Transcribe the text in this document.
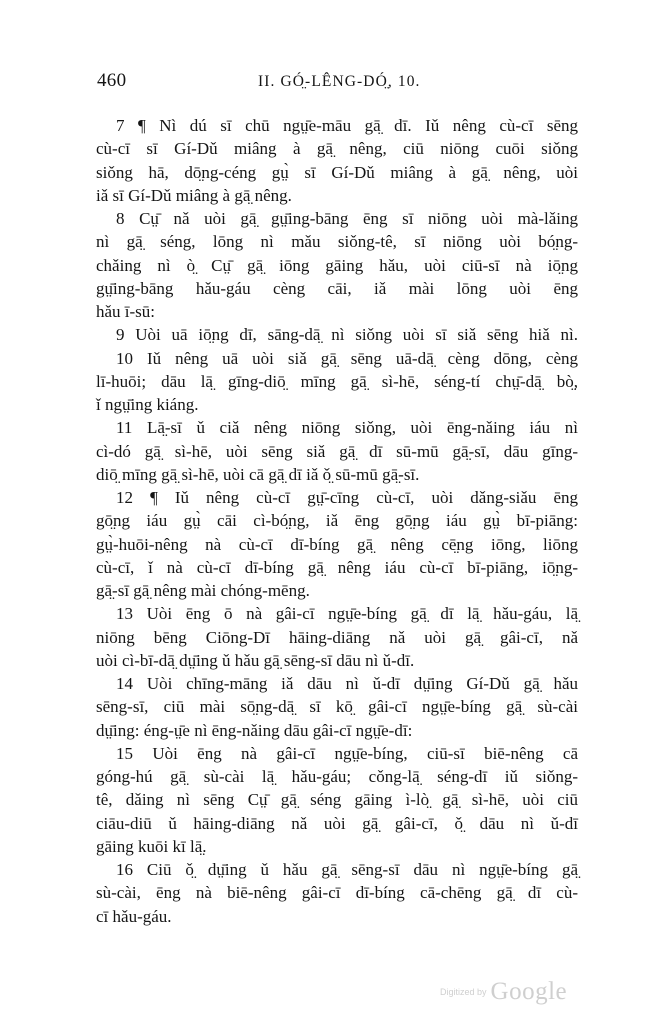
460	II. GÓ̤-LÊNG-DÓ̤, 10.
7 ¶ Nì dú sī chū ngṳ̄e-māu gā̤ dī. Iǔ nêng cù-cī sēng
cù-cī sī Gí-Dǔ miâng à gā̤ nêng, ciū niōng cuōi siǒng
siǒng hā, dō̤ng-céng gṳ̀ sī Gí-Dǔ miâng à gā̤ nêng, uòi
iǎ sī Gí-Dǔ miâng à gā̤ nêng.
8 Cṳ̄ nǎ uòi gā̤ gṳ̄ing-bāng ēng sī niōng uòi mà-lǎing
nì gā̤ séng, lōng nì mǎu siǒng-tê, sī niōng uòi bó̤ng-
chǎing nì ò̤ Cṳ̄ gā̤ iōng gāing hǎu, uòi ciū-sī nà iō̤ng
gṳ̄ing-bāng hǎu-gáu cèng cāi, iǎ mài lōng uòi ēng
hǎu ī-sū:
9 Uòi uā iō̤ng dī, sāng-dā̤ nì siǒng uòi sī siǎ sēng hiǎ nì.
10 Iǔ nêng uā uòi siǎ gā̤ sēng uā-dā̤ cèng dōng, cèng
lī-huōi; dāu lā̤ gīng-diō̤ mīng gā̤ sì-hē, séng-tí chṳ̄-dā̤ bò̤,
ǐ ngṳ̄ing kiáng.
11 Lā̤-sī ǔ ciǎ nêng niōng siǒng, uòi ēng-nǎing iáu nì
cì-dó gā̤ sì-hē, uòi sēng siǎ gā̤ dī sū-mū gā̤-sī, dāu gīng-
diō̤ mīng gā̤ sì-hē, uòi cā gā̤ dī iǎ ǒ̤ sū-mū gā̤-sī.
12 ¶ Iǔ nêng cù-cī gṳ̄-cīng cù-cī, uòi dǎng-siǎu ēng
gō̤ng iáu gṳ̀ cāi cì-bó̤ng, iǎ ēng gō̤ng iáu gṳ̀ bī-piāng:
gṳ̀-huōi-nêng nà cù-cī dī-bíng gā̤ nêng cē̤ng iōng, liōng
cù-cī, ǐ nà cù-cī dī-bíng gā̤ nêng iáu cù-cī bī-piāng, iō̤ng-
gā̤-sī gā̤ nêng mài chóng-mēng.
13 Uòi ēng ō nà gâi-cī ngṳ̄e-bíng gā̤ dī lā̤ hǎu-gáu, lā̤
niōng bēng Ciōng-Dī hāing-diāng nǎ uòi gā̤ gâi-cī, nǎ
uòi cì-bī-dā̤ dṳ̄ing ǔ hǎu gā̤ sēng-sī dāu nì ǔ-dī.
14 Uòi chīng-māng iǎ dāu nì ǔ-dī dṳ̄ing Gí-Dǔ gā̤ hǎu
sēng-sī, ciū mài sō̤ng-dā̤ sī kō̤ gâi-cī ngṳ̄e-bíng gā̤ sù-cài
dṳ̄ing: éng-ṳ̄e nì ēng-nǎing dāu gâi-cī ngṳ̄e-dī:
15 Uòi ēng nà gâi-cī ngṳ̄e-bíng, ciū-sī biē-nêng cā
góng-hú gā̤ sù-cài lā̤ hǎu-gáu; cǒng-lā̤ séng-dī iǔ siǒng-
tê, dǎing nì sēng Cṳ̄ gā̤ séng gāing ì-lò̤ gā̤ sì-hē, uòi ciū
ciāu-diū ǔ hāing-diāng nǎ uòi gā̤ gâi-cī, ǒ̤ dāu nì ǔ-dī
gāing kuōi kī lā̤.
16 Ciū ǒ̤ dṳ̄ing ǔ hǎu gā̤ sēng-sī dāu nì ngṳ̄e-bíng gā̤
sù-cài, ēng nà biē-nêng gâi-cī dī-bíng cā-chēng gā̤ dī cù-
cī hǎu-gáu.
$^{Digitized by}$ Google
